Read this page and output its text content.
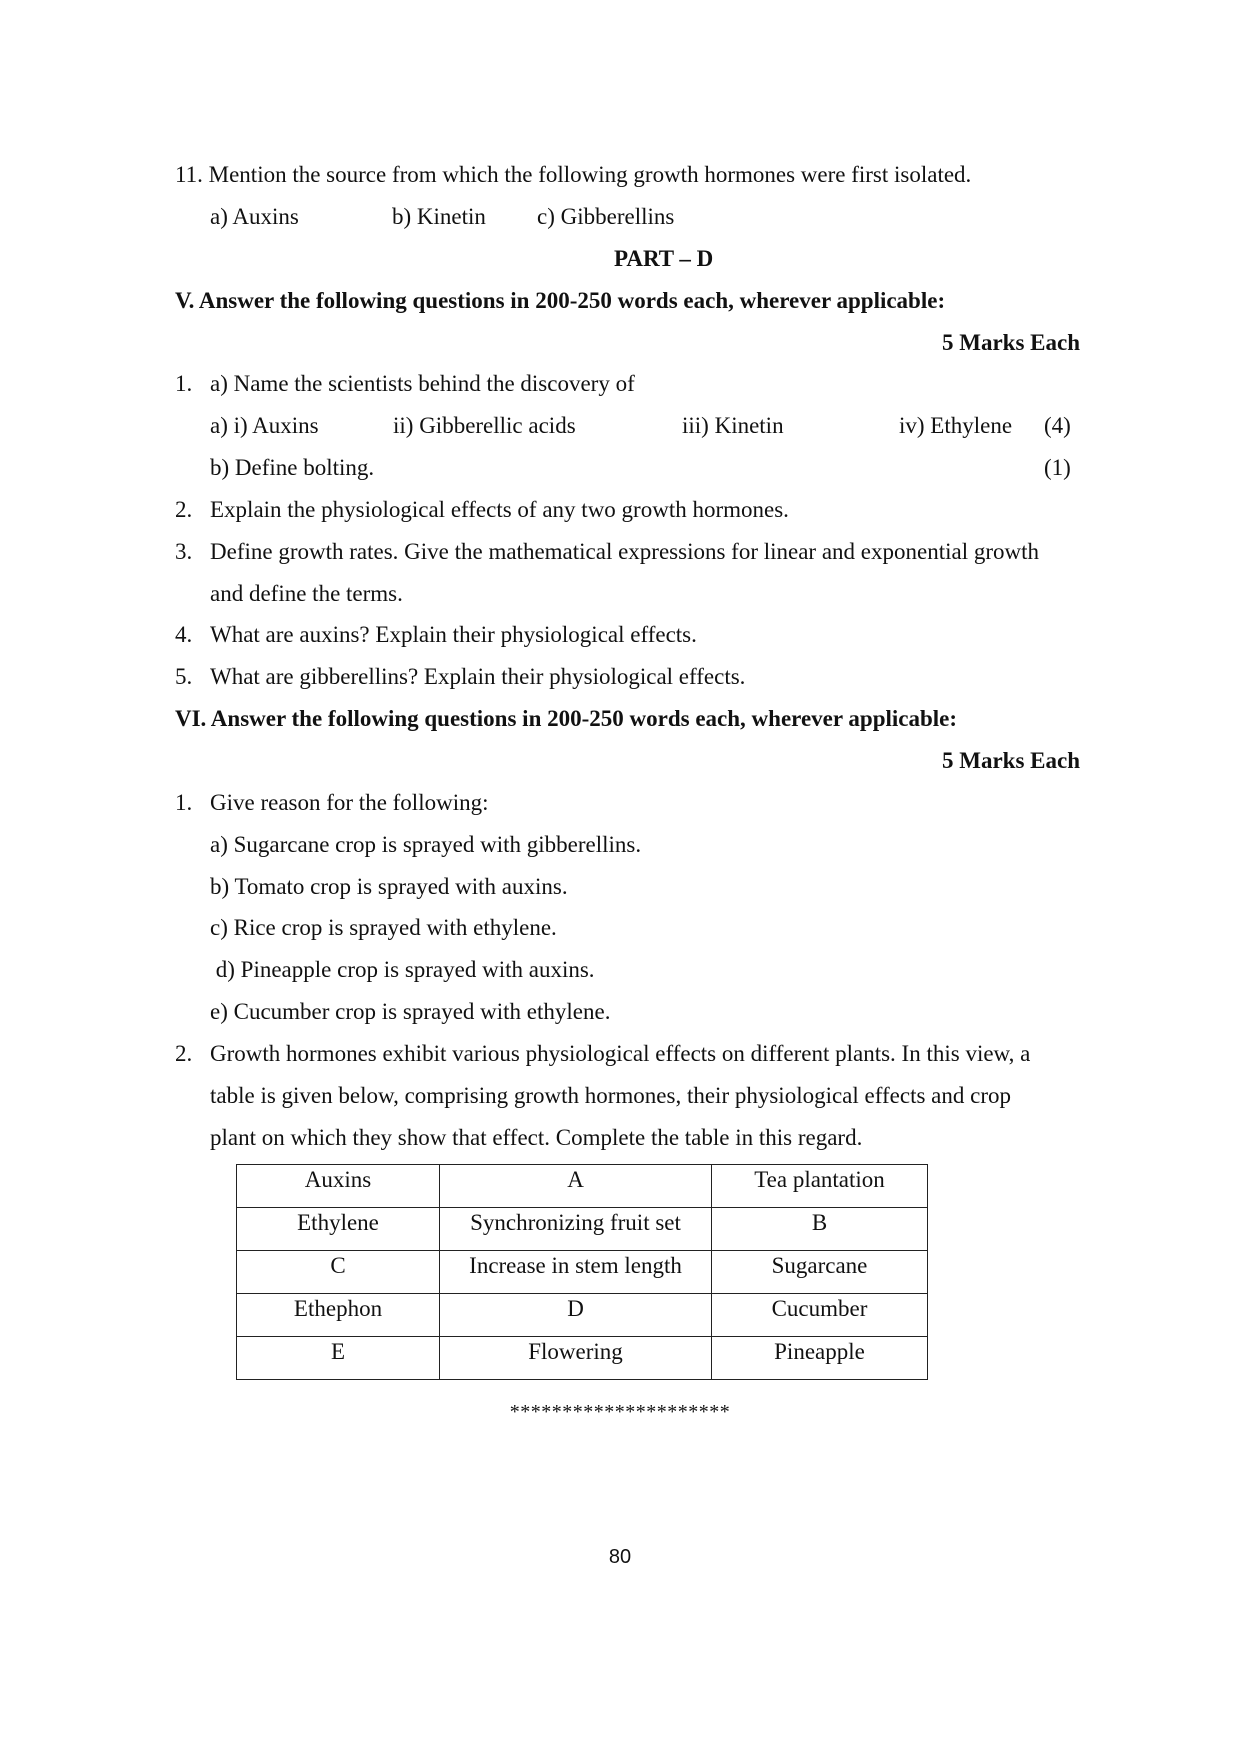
11. Mention the source from which the following growth hormones were first isolated.
a) Auxins	b) Kinetin c) Gibberellins
PART – D
V. Answer the following questions in 200-250 words each, wherever applicable:
5 Marks Each
1. a) Name the scientists behind the discovery of
a) i) Auxins	ii) Gibberellic acids	iii) Kinetin	iv) Ethylene (4)
b) Define bolting.	(1)
2. Explain the physiological effects of any two growth hormones.
3. Define growth rates. Give the mathematical expressions for linear and exponential growth
and define the terms.
4. What are auxins? Explain their physiological effects.
5. What are gibberellins? Explain their physiological effects.
VI. Answer the following questions in 200-250 words each, wherever applicable:
5 Marks Each
1. Give reason for the following:
a) Sugarcane crop is sprayed with gibberellins.
b) Tomato crop is sprayed with auxins.
c) Rice crop is sprayed with ethylene.
d) Pineapple crop is sprayed with auxins.
e) Cucumber crop is sprayed with ethylene.
2. Growth hormones exhibit various physiological effects on different plants. In this view, a
table is given below, comprising growth hormones, their physiological effects and crop
plant on which they show that effect. Complete the table in this regard.
Auxins	A	Tea plantation
Ethylene	Synchronizing fruit set	B
C	Increase in stem length	Sugarcane
Ethephon	D	Cucumber
E	Flowering	Pineapple
*********************
80
